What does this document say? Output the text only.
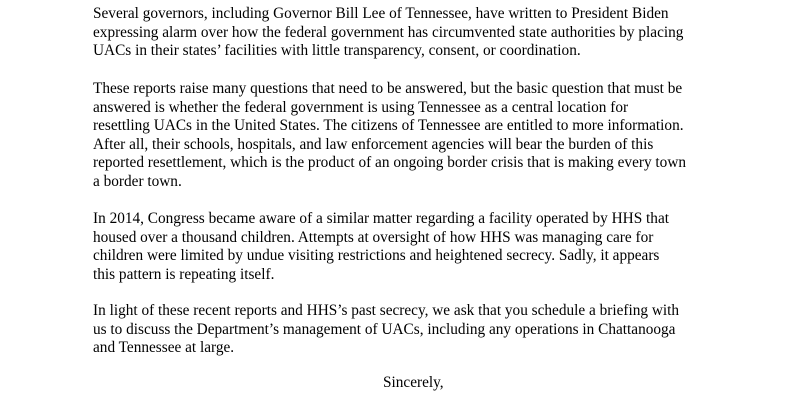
Several governors, including Governor Bill Lee of Tennessee, have written to President Biden
expressing alarm over how the federal government has circumvented state authorities by placing
UACs in their states’ facilities with little transparency, consent, or coordination.

These reports raise many questions that need to be answered, but the basic question that must be
answered is whether the federal government is using Tennessee as a central location for
resettling UACs in the United States. The citizens of Tennessee are entitled to more information.
After all, their schools, hospitals, and law enforcement agencies will bear the burden of this
reported resettlement, which is the product of an ongoing border crisis that is making every town
a border town.

In 2014, Congress became aware of a similar matter regarding a facility operated by HHS that
housed over a thousand children. Attempts at oversight of how HHS was managing care for
children were limited by undue visiting restrictions and heightened secrecy. Sadly, it appears
this pattern is repeating itself.

In light of these recent reports and HHS’s past secrecy, we ask that you schedule a briefing with
us to discuss the Department’s management of UACs, including any operations in Chattanooga
and Tennessee at large.

Sincerely,
